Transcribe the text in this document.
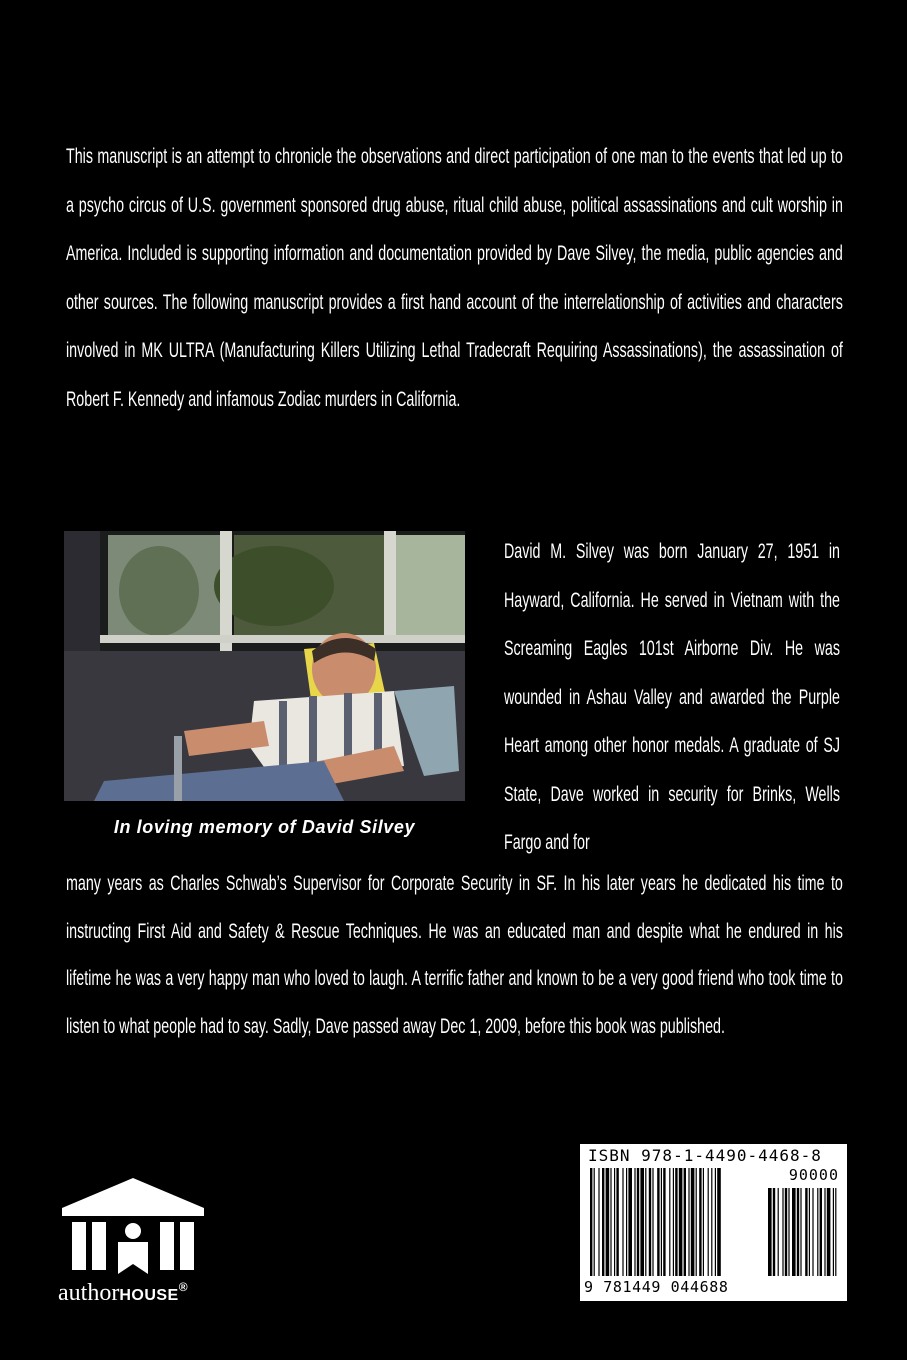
This manuscript is an attempt to chronicle the observations and direct participation of one man to the events that led up to a psycho circus of U.S. government sponsored drug abuse, ritual child abuse, political assassinations and cult worship in America. Included is supporting information and documentation provided by Dave Silvey, the media, public agencies and other sources. The following manuscript provides a first hand account of the interrelationship of activities and characters involved in MK ULTRA (Manufacturing Killers Utilizing Lethal Tradecraft Requiring Assassinations), the assassination of Robert F. Kennedy and infamous Zodiac murders in California.
In loving memory of David Silvey
David M. Silvey was born January 27, 1951 in Hayward, California. He served in Vietnam with the Screaming Eagles 101st Airborne Div. He was wounded in Ashau Valley and awarded the Purple Heart among other honor medals. A graduate of SJ State, Dave worked in security for Brinks, Wells Fargo and for
many years as Charles Schwab’s Supervisor for Corporate Security in SF. In his later years he dedicated his time to instructing First Aid and Safety & Rescue Techniques. He was an educated man and despite what he endured in his lifetime he was a very happy man who loved to laugh. A terrific father and known to be a very good friend who took time to listen to what people had to say. Sadly, Dave passed away Dec 1, 2009, before this book was published.
authorHOUSE®
ISBN 978-1-4490-4468-8
90000
9 781449 044688
